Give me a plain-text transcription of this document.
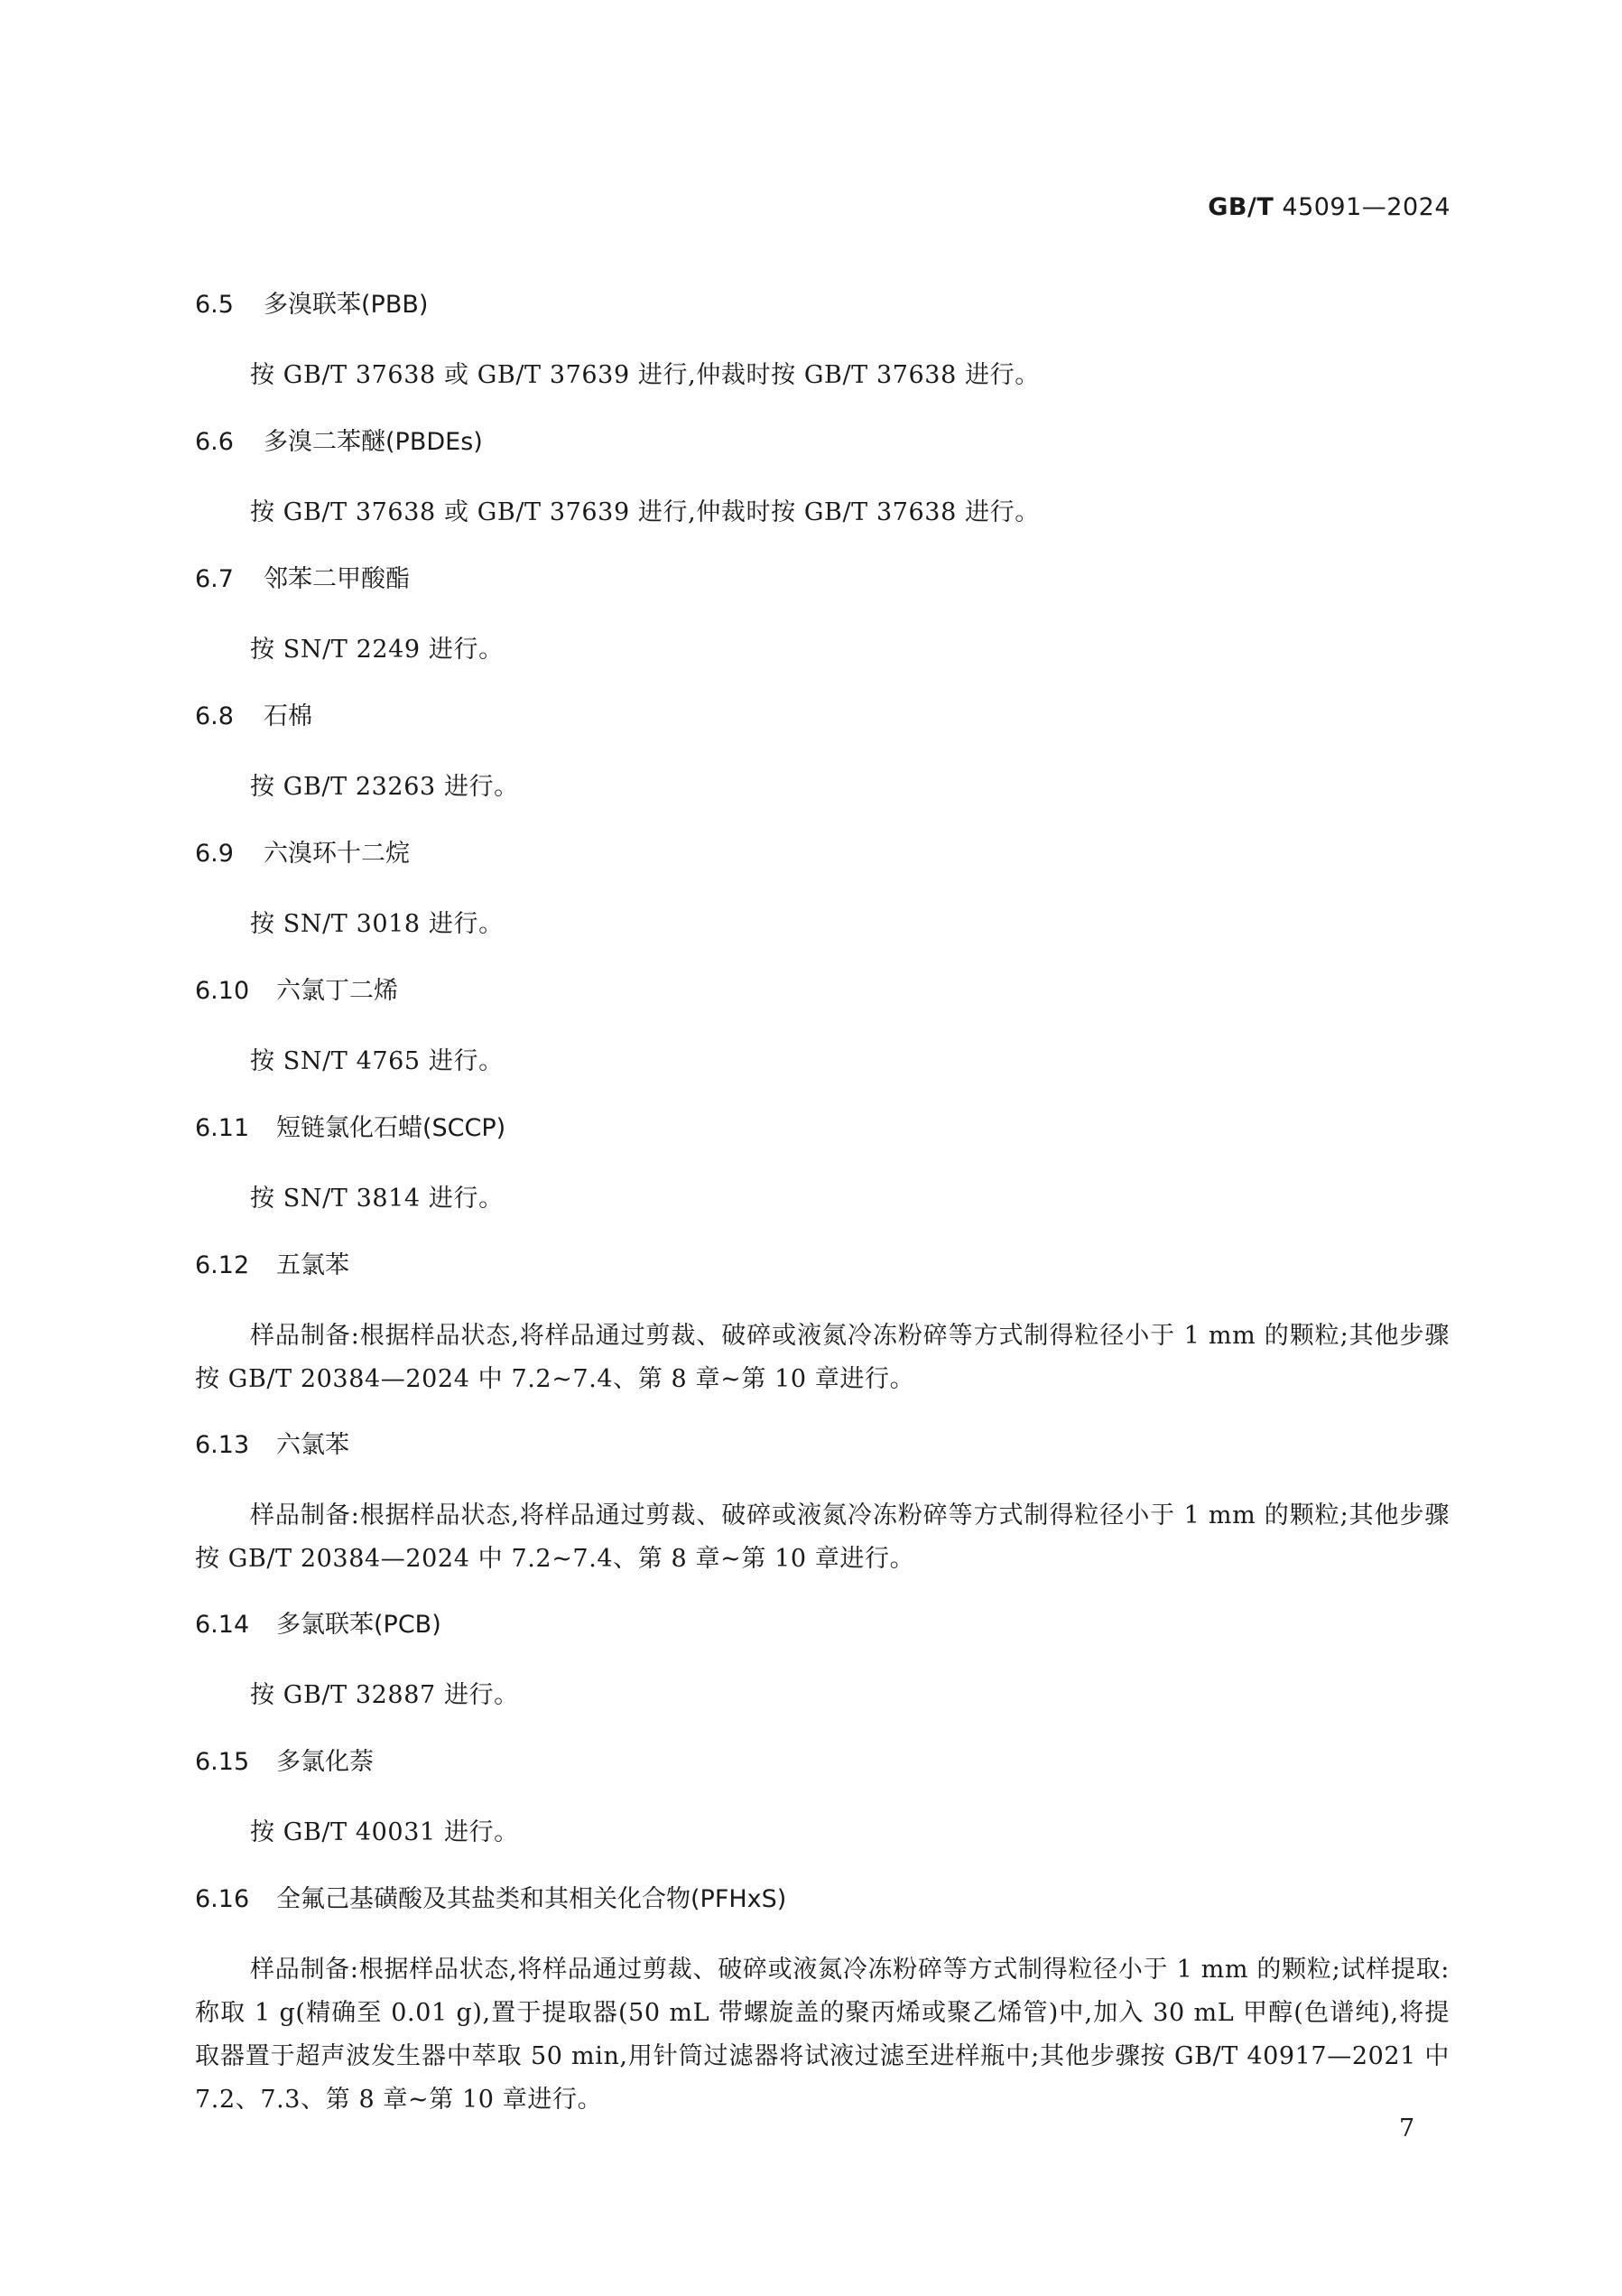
GB/T 45091—2024
6.5 多溴联苯(PBB)

按 GB/T 37638 或 GB/T 37639 进行,仲裁时按 GB/T 37638 进行。

6.6 多溴二苯醚(PBDEs)

按 GB/T 37638 或 GB/T 37639 进行,仲裁时按 GB/T 37638 进行。

6.7 邻苯二甲酸酯

按 SN/T 2249 进行。

6.8 石棉

按 GB/T 23263 进行。

6.9 六溴环十二烷

按 SN/T 3018 进行。

6.10 六氯丁二烯

按 SN/T 4765 进行。

6.11 短链氯化石蜡(SCCP)

按 SN/T 3814 进行。

6.12 五氯苯

样品制备:根据样品状态,将样品通过剪裁、破碎或液氮冷冻粉碎等方式制得粒径小于 1 mm 的颗粒;其他步骤按 GB/T 20384—2024 中 7.2~7.4、第 8 章~第 10 章进行。

6.13 六氯苯

样品制备:根据样品状态,将样品通过剪裁、破碎或液氮冷冻粉碎等方式制得粒径小于 1 mm 的颗粒;其他步骤按 GB/T 20384—2024 中 7.2~7.4、第 8 章~第 10 章进行。

6.14 多氯联苯(PCB)

按 GB/T 32887 进行。

6.15 多氯化萘

按 GB/T 40031 进行。

6.16 全氟己基磺酸及其盐类和其相关化合物(PFHxS)

样品制备:根据样品状态,将样品通过剪裁、破碎或液氮冷冻粉碎等方式制得粒径小于 1 mm 的颗粒;试样提取:称取 1 g(精确至 0.01 g),置于提取器(50 mL 带螺旋盖的聚丙烯或聚乙烯管)中,加入 30 mL 甲醇(色谱纯),将提取器置于超声波发生器中萃取 50 min,用针筒过滤器将试液过滤至进样瓶中;其他步骤按 GB/T 40917—2021 中 7.2、7.3、第 8 章~第 10 章进行。

7
